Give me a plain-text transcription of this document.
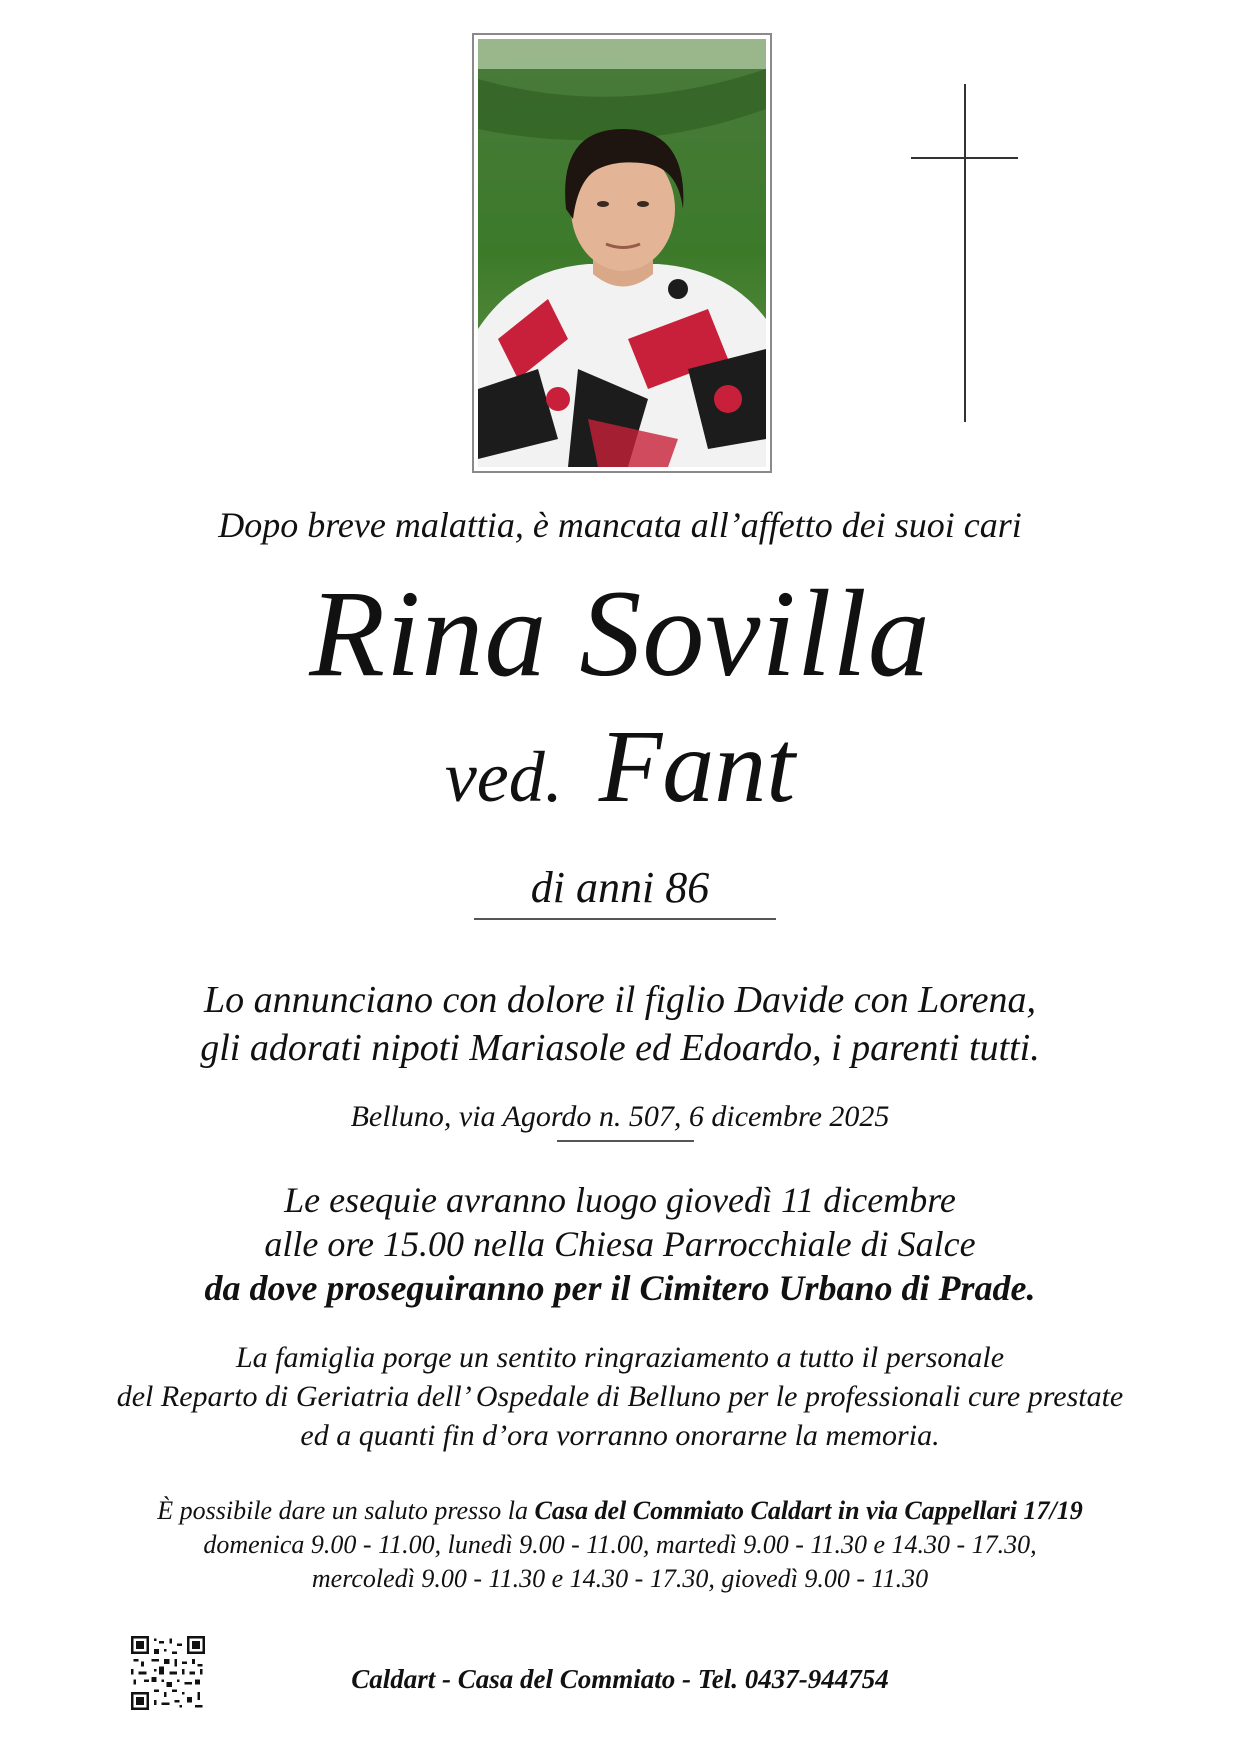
Dopo breve malattia, è mancata all’affetto dei suoi cari
Rina Sovilla
ved. Fant
di anni 86
Lo annunciano con dolore il figlio Davide con Lorena,
gli adorati nipoti Mariasole ed Edoardo, i parenti tutti.
Belluno, via Agordo n. 507, 6 dicembre 2025
Le esequie avranno luogo giovedì 11 dicembre
alle ore 15.00 nella Chiesa Parrocchiale di Salce
da dove proseguiranno per il Cimitero Urbano di Prade.
La famiglia porge un sentito ringraziamento a tutto il personale
del Reparto di Geriatria dell’ Ospedale di Belluno per le professionali cure prestate
ed a quanti fin d’ora vorranno onorarne la memoria.
È possibile dare un saluto presso la Casa del Commiato Caldart in via Cappellari 17/19
domenica 9.00 - 11.00, lunedì 9.00 - 11.00, martedì 9.00 - 11.30 e 14.30 - 17.30,
mercoledì 9.00 - 11.30 e 14.30 - 17.30, giovedì 9.00 - 11.30
Caldart - Casa del Commiato - Tel. 0437-944754
